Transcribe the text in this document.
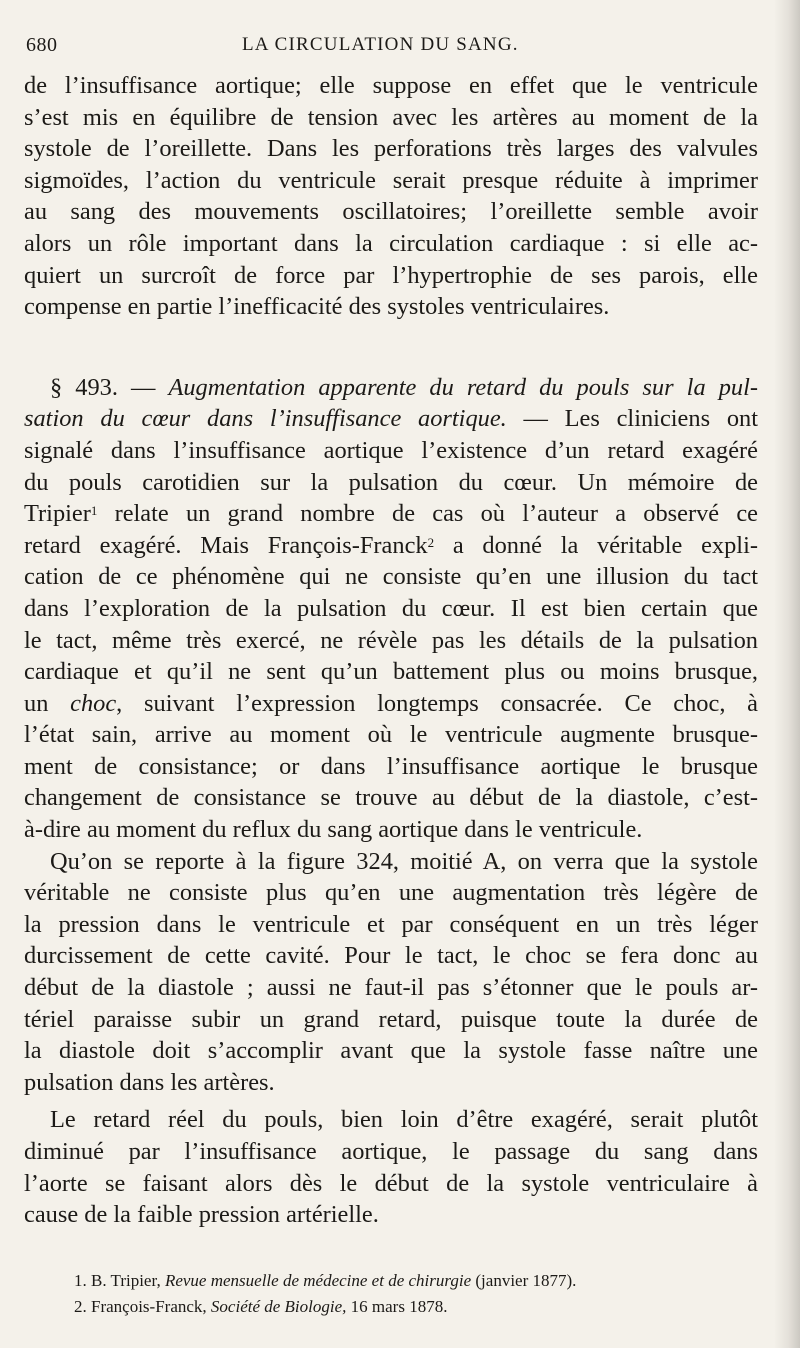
680	LA CIRCULATION DU SANG.
de l’insuffisance aortique; elle suppose en effet que le ventricule
s’est mis en équilibre de tension avec les artères au moment de la
systole de l’oreillette. Dans les perforations très larges des valvules
sigmoïdes, l’action du ventricule serait presque réduite à imprimer
au sang des mouvements oscillatoires; l’oreillette semble avoir
alors un rôle important dans la circulation cardiaque : si elle ac-
quiert un surcroît de force par l’hypertrophie de ses parois, elle
compense en partie l’inefficacité des systoles ventriculaires.
§ 493. — Augmentation apparente du retard du pouls sur la pul-
sation du cœur dans l’insuffisance aortique. — Les cliniciens ont
signalé dans l’insuffisance aortique l’existence d’un retard exagéré
du pouls carotidien sur la pulsation du cœur. Un mémoire de
Tripier$^1$ relate un grand nombre de cas où l’auteur a observé ce
retard exagéré. Mais François-Franck$^2$ a donné la véritable expli-
cation de ce phénomène qui ne consiste qu’en une illusion du tact
dans l’exploration de la pulsation du cœur. Il est bien certain que
le tact, même très exercé, ne révèle pas les détails de la pulsation
cardiaque et qu’il ne sent qu’un battement plus ou moins brusque,
un choc, suivant l’expression longtemps consacrée. Ce choc, à
l’état sain, arrive au moment où le ventricule augmente brusque-
ment de consistance; or dans l’insuffisance aortique le brusque
changement de consistance se trouve au début de la diastole, c’est-
à-dire au moment du reflux du sang aortique dans le ventricule.
Qu’on se reporte à la figure 324, moitié A, on verra que la systole
véritable ne consiste plus qu’en une augmentation très légère de
la pression dans le ventricule et par conséquent en un très léger
durcissement de cette cavité. Pour le tact, le choc se fera donc au
début de la diastole ; aussi ne faut-il pas s’étonner que le pouls ar-
tériel paraisse subir un grand retard, puisque toute la durée de
la diastole doit s’accomplir avant que la systole fasse naître une
pulsation dans les artères.
Le retard réel du pouls, bien loin d’être exagéré, serait plutôt
diminué par l’insuffisance aortique, le passage du sang dans
l’aorte se faisant alors dès le début de la systole ventriculaire à
cause de la faible pression artérielle.
1. B. Tripier, Revue mensuelle de médecine et de chirurgie (janvier 1877).
2. François-Franck, Société de Biologie, 16 mars 1878.
